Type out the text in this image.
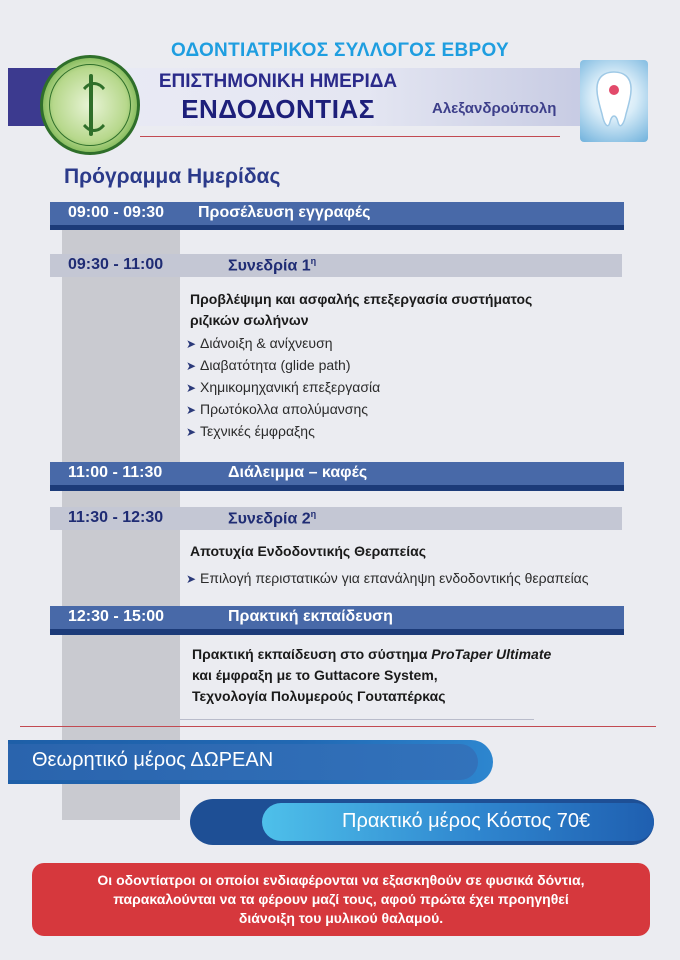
ΟΔΟΝΤΙΑΤΡΙΚΟΣ ΣΥΛΛΟΓΟΣ ΕΒΡΟΥ
ΕΠΙΣΤΗΜΟΝΙΚΗ ΗΜΕΡΙΔΑ
ΕΝΔΟΔΟΝΤΙΑΣ	Αλεξανδρούπολη
Πρόγραμμα Ημερίδας
09:00 - 09:30 Προσέλευση εγγραφές
09:30 - 11:00	Συνεδρία $1^\eta$
Προβλέψιμη και ασφαλής επεξεργασία συστήματος
ριζικών σωλήνων
➤ Διάνοιξη & ανίχνευση
➤ Διαβατότητα (glide path)
➤ Χημικομηχανική επεξεργασία
➤ Πρωτόκολλα απολύμανσης
➤ Τεχνικές έμφραξης
11:00 - 11:30	Διάλειμμα – καφές
11:30 - 12:30	Συνεδρία $2^\eta$
Αποτυχία Ενδοδοντικής Θεραπείας
➤ Επιλογή περιστατικών για επανάληψη ενδοδοντικής θεραπείας
12:30 - 15:00	Πρακτική εκπαίδευση
Πρακτική εκπαίδευση στο σύστημα ProTaper Ultimate
και έμφραξη με το Guttacore System,
Τεχνολογία Πολυμερούς Γουταπέρκας
Θεωρητικό μέρος ΔΩΡΕΑΝ
Πρακτικό μέρος Κόστος 70€
Οι οδοντίατροι οι οποίοι ενδιαφέρονται να εξασκηθούν σε φυσικά δόντια,
παρακαλούνται να τα φέρουν μαζί τους, αφού πρώτα έχει προηγηθεί
διάνοιξη του μυλικού θαλαμού.
